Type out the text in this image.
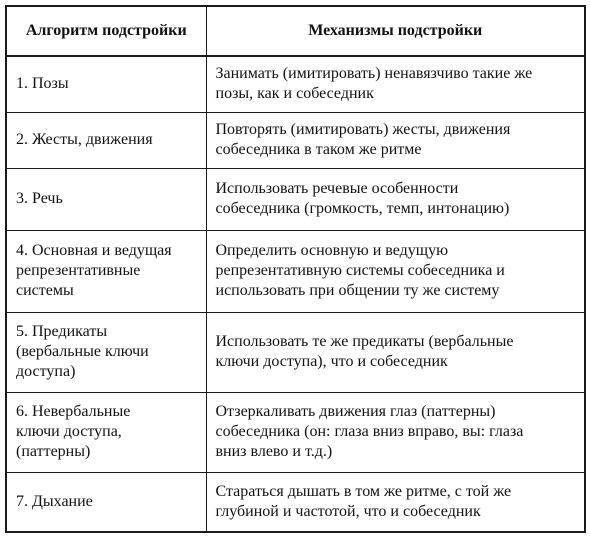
Алгоритм подстройки	Механизмы подстройки

1. Позы	Занимать (имитировать) ненавязчиво такие же
позы, как и собеседник

2. Жесты, движения	Повторять (имитировать) жесты, движения
собеседника в таком же ритме

3. Речь	Использовать речевые особенности
собеседника (громкость, темп, интонацию)

4. Основная и ведущая
репрезентативные
системы	Определить основную и ведущую
репрезентативную системы собеседника и
использовать при общении ту же систему

5. Предикаты
(вербальные ключи
доступа)	Использовать те же предикаты (вербальные
ключи доступа), что и собеседник

6. Невербальные
ключи доступа,
(паттерны)	Отзеркаливать движения глаз (паттерны)
собеседника (он: глаза вниз вправо, вы: глаза
вниз влево и т.д.)

7. Дыхание	Стараться дышать в том же ритме, с той же
глубиной и частотой, что и собеседник
